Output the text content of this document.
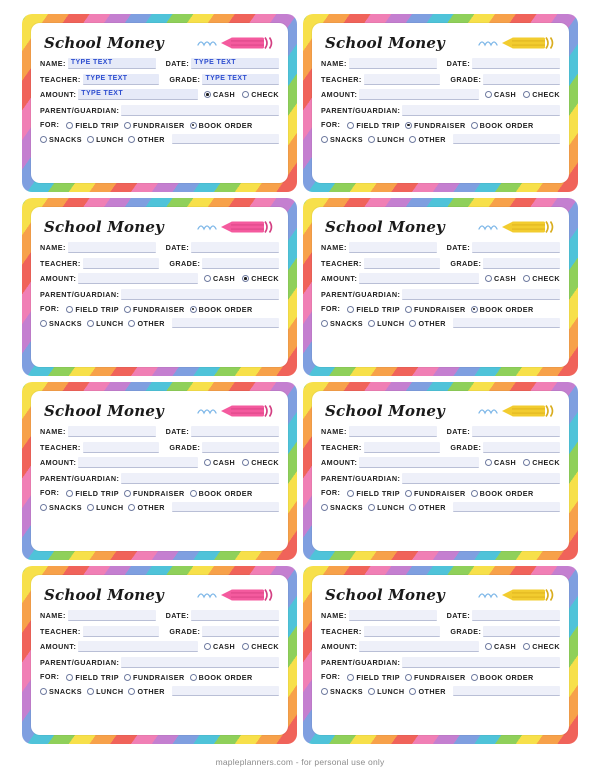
School Money
NAME: TYPE TEXT	DATE: TYPE TEXT
TEACHER: TYPE TEXT	GRADE: TYPE TEXT
AMOUNT: TYPE TEXT	CASH CHECK
PARENT/GUARDIAN:
FOR: FIELD TRIP FUNDRAISER BOOK ORDER
SNACKS LUNCH OTHER
School Money
NAME:	DATE:
TEACHER:	GRADE:
AMOUNT:	CASH CHECK
PARENT/GUARDIAN:
FOR: FIELD TRIP FUNDRAISER BOOK ORDER
SNACKS LUNCH OTHER
School Money
NAME:	DATE:
TEACHER:	GRADE:
AMOUNT:	CASH CHECK
PARENT/GUARDIAN:
FOR: FIELD TRIP FUNDRAISER BOOK ORDER
SNACKS LUNCH OTHER
School Money
NAME:	DATE:
TEACHER:	GRADE:
AMOUNT:	CASH CHECK
PARENT/GUARDIAN:
FOR: FIELD TRIP FUNDRAISER BOOK ORDER
SNACKS LUNCH OTHER
School Money
NAME:	DATE:
TEACHER:	GRADE:
AMOUNT:	CASH CHECK
PARENT/GUARDIAN:
FOR: FIELD TRIP FUNDRAISER BOOK ORDER
SNACKS LUNCH OTHER
School Money
NAME:	DATE:
TEACHER:	GRADE:
AMOUNT:	CASH CHECK
PARENT/GUARDIAN:
FOR: FIELD TRIP FUNDRAISER BOOK ORDER
SNACKS LUNCH OTHER
School Money
NAME:	DATE:
TEACHER:	GRADE:
AMOUNT:	CASH CHECK
PARENT/GUARDIAN:
FOR: FIELD TRIP FUNDRAISER BOOK ORDER
SNACKS LUNCH OTHER
School Money
NAME:	DATE:
TEACHER:	GRADE:
AMOUNT:	CASH CHECK
PARENT/GUARDIAN:
FOR: FIELD TRIP FUNDRAISER BOOK ORDER
SNACKS LUNCH OTHER
mapleplanners.com - for personal use only
